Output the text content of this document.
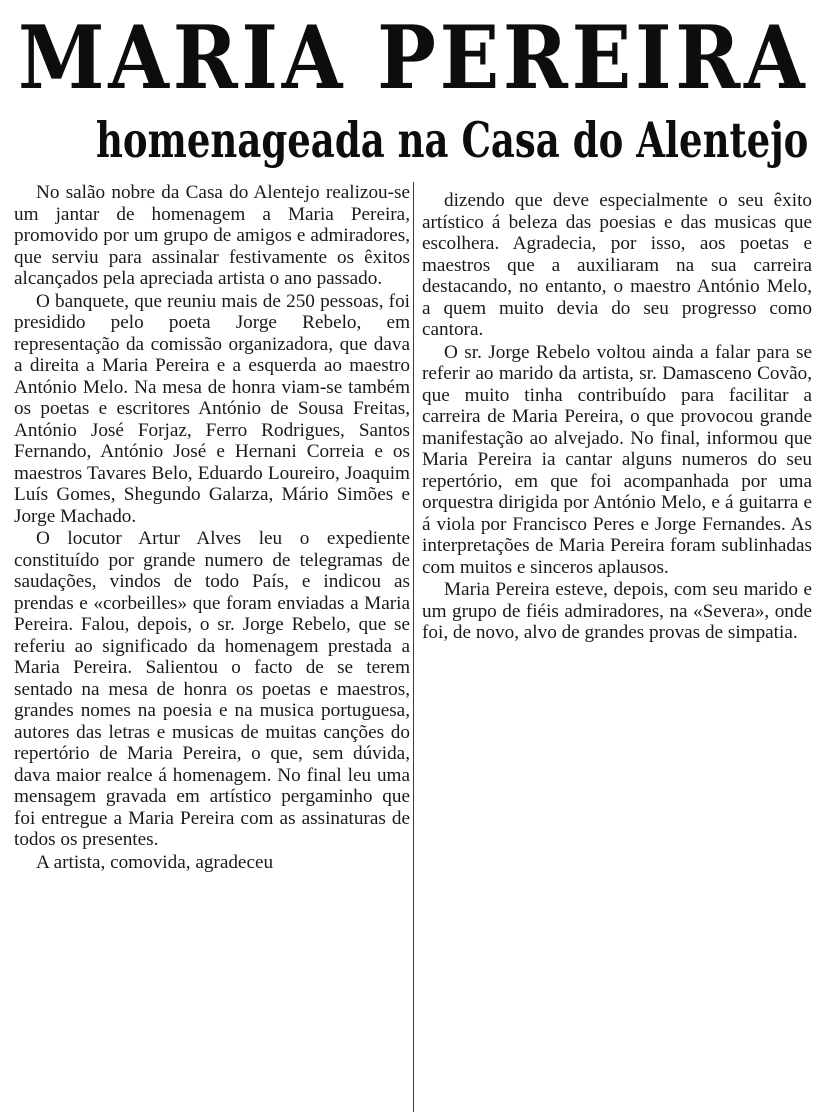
MARIA PEREIRA
homenageada na Casa do Alentejo

No salão nobre da Casa do Alentejo realizou-se um jantar de homenagem a Maria Pereira, promovido por um grupo de amigos e admiradores, que serviu para assinalar festivamente os êxitos alcançados pela apreciada artista o ano passado.

O banquete, que reuniu mais de 250 pessoas, foi presidido pelo poeta Jorge Rebelo, em representação da comissão organizadora, que dava a direita a Maria Pereira e a esquerda ao maestro António Melo. Na mesa de honra viam-se também os poetas e escritores António de Sousa Freitas, António José Forjaz, Ferro Rodrigues, Santos Fernando, António José e Hernani Correia e os maestros Tavares Belo, Eduardo Loureiro, Joaquim Luís Gomes, Shegundo Galarza, Mário Simões e Jorge Machado.

O locutor Artur Alves leu o expediente constituído por grande numero de telegramas de saudações, vindos de todo País, e indicou as prendas e «corbeilles» que foram enviadas a Maria Pereira. Falou, depois, o sr. Jorge Rebelo, que se referiu ao significado da homenagem prestada a Maria Pereira. Salientou o facto de se terem sentado na mesa de honra os poetas e maestros, grandes nomes na poesia e na musica portuguesa, autores das letras e musicas de muitas canções do repertório de Maria Pereira, o que, sem dúvida, dava maior realce á homenagem. No final leu uma mensagem gravada em artístico pergaminho que foi entregue a Maria Pereira com as assinaturas de todos os presentes.

A artista, comovida, agradeceu

dizendo que deve especialmente o seu êxito artístico á beleza das poesias e das musicas que escolhera. Agradecia, por isso, aos poetas e maestros que a auxiliaram na sua carreira destacando, no entanto, o maestro António Melo, a quem muito devia do seu progresso como cantora.

O sr. Jorge Rebelo voltou ainda a falar para se referir ao marido da artista, sr. Damasceno Covão, que muito tinha contribuído para facilitar a carreira de Maria Pereira, o que provocou grande manifestação ao alvejado. No final, informou que Maria Pereira ia cantar alguns numeros do seu repertório, em que foi acompanhada por uma orquestra dirigida por António Melo, e á guitarra e á viola por Francisco Peres e Jorge Fernandes. As interpretações de Maria Pereira foram sublinhadas com muitos e sinceros aplausos.

Maria Pereira esteve, depois, com seu marido e um grupo de fiéis admiradores, na «Severa», onde foi, de novo, alvo de grandes provas de simpatia.
